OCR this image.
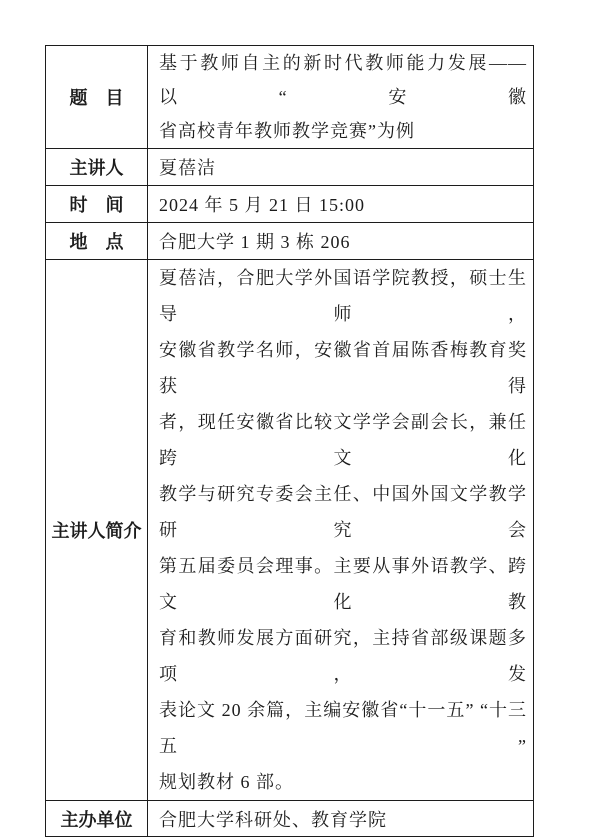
题　目	基于教师自主的新时代教师能力发展——以“安徽
省高校青年教师教学竞赛”为例

主讲人	夏蓓洁
时　间	2024 年 5 月 21 日 15:00
地　点	合肥大学 1 期 3 栋 206
主讲人简介	
夏蓓洁，合肥大学外国语学院教授，硕士生导师，
安徽省教学名师，安徽省首届陈香梅教育奖获得
者，现任安徽省比较文学学会副会长，兼任跨文化
教学与研究专委会主任、中国外国文学教学研究会
第五届委员会理事。主要从事外语教学、跨文化教
育和教师发展方面研究，主持省部级课题多项，发
表论文 20 余篇，主编安徽省“十一五” “十三五”
规划教材 6 部。

主办单位	合肥大学科研处、教育学院
